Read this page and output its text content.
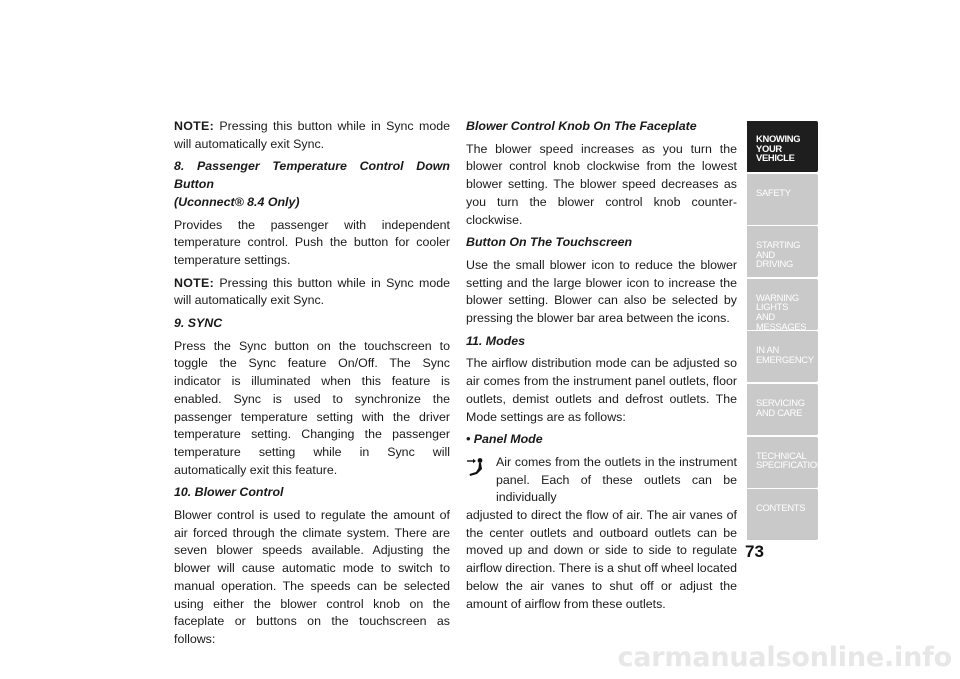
NOTE: Pressing this button while in Sync mode will automatically exit Sync.

8. Passenger Temperature Control Down Button
(Uconnect® 8.4 Only)

Provides the passenger with independent temperature control. Push the button for cooler temperature settings.

NOTE: Pressing this button while in Sync mode will automatically exit Sync.

9. SYNC

Press the Sync button on the touchscreen to toggle the Sync feature On/Off. The Sync indicator is illuminated when this feature is enabled. Sync is used to synchronize the passenger temperature setting with the driver temperature setting. Changing the passenger temperature setting while in Sync will automatically exit this feature.

10. Blower Control

Blower control is used to regulate the amount of air forced through the climate system. There are seven blower speeds available. Adjusting the blower will cause automatic mode to switch to manual operation. The speeds can be selected using either the blower control knob on the faceplate or buttons on the touchscreen as follows:

Blower Control Knob On The Faceplate

The blower speed increases as you turn the blower control knob clockwise from the lowest blower setting. The blower speed decreases as you turn the blower control knob counter-clockwise.

Button On The Touchscreen

Use the small blower icon to reduce the blower setting and the large blower icon to increase the blower setting. Blower can also be selected by pressing the blower bar area between the icons.

11. Modes

The airflow distribution mode can be adjusted so air comes from the instrument panel outlets, floor outlets, demist outlets and defrost outlets. The Mode settings are as follows:

• Panel Mode

Air comes from the outlets in the instrument panel. Each of these outlets can be individually
adjusted to direct the flow of air. The air vanes of the center outlets and outboard outlets can be moved up and down or side to side to regulate airflow direction. There is a shut off wheel located below the air vanes to shut off or adjust the amount of airflow from these outlets.
KNOWING
YOUR
VEHICLE
SAFETY
STARTING
AND
DRIVING
WARNING
LIGHTS
AND
MESSAGES
IN AN
EMERGENCY
SERVICING
AND CARE
TECHNICAL
SPECIFICATIONS
CONTENTS
73
carmanualsonline.info
